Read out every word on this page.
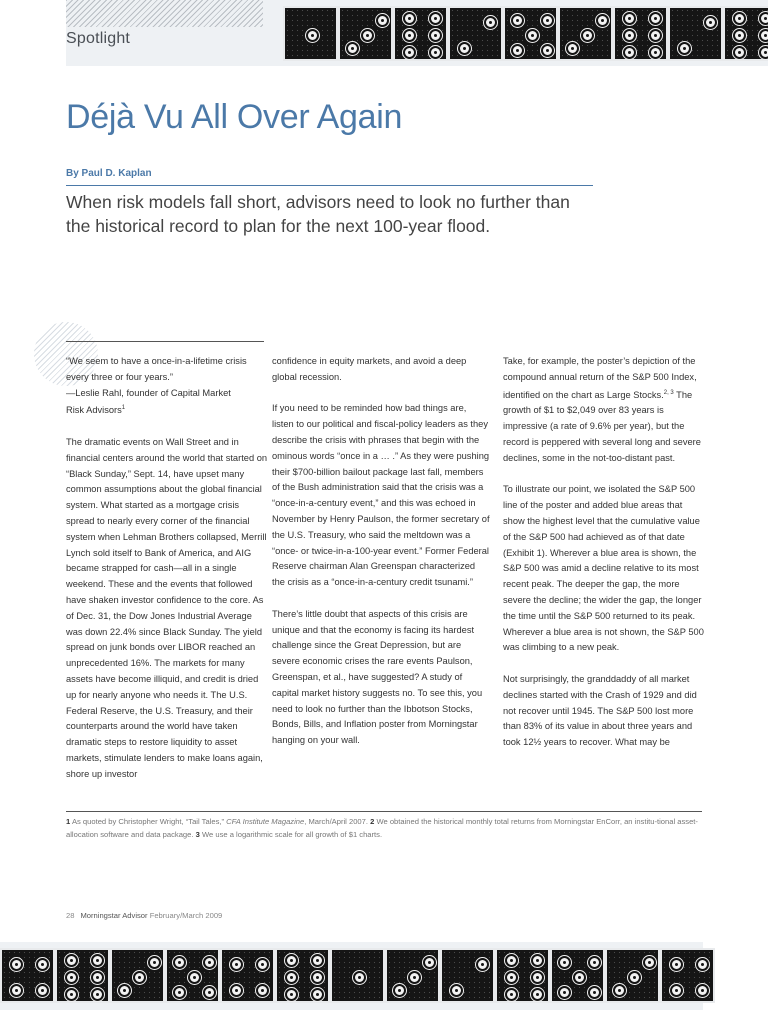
Spotlight
Déjà Vu All Over Again
By Paul D. Kaplan
When risk models fall short, advisors need to look no further than the historical record to plan for the next 100-year flood.

“We seem to have a once-in-a-lifetime crisis every three or four years.”
—Leslie Rahl, founder of Capital Market
Risk Advisors$^1$

The dramatic events on Wall Street and in financial centers around the world that started on “Black Sunday,” Sept. 14, have upset many common assumptions about the global financial system. What started as a mortgage crisis spread to nearly every corner of the financial system when Lehman Brothers collapsed, Merrill Lynch sold itself to Bank of America, and AIG became strapped for cash—all in a single weekend. These and the events that followed have shaken investor confidence to the core. As of Dec. 31, the Dow Jones Industrial Average was down 22.4% since Black Sunday. The yield spread on junk bonds over LIBOR reached an unprecedented 16%. The markets for many assets have become illiquid, and credit is dried up for nearly anyone who needs it. The U.S. Federal Reserve, the U.S. Treasury, and their counterparts around the world have taken dramatic steps to restore liquidity to asset markets, stimulate lenders to make loans again, shore up investor

confidence in equity markets, and avoid a deep global recession.

If you need to be reminded how bad things are, listen to our political and fiscal-policy leaders as they describe the crisis with phrases that begin with the ominous words “once in a … .” As they were pushing their $700-billion bailout package last fall, members of the Bush administration said that the crisis was a “once-in-a-century event,” and this was echoed in November by Henry Paulson, the former secretary of the U.S. Treasury, who said the meltdown was a “once- or twice-in-a-100-year event.” Former Federal Reserve chairman Alan Greenspan characterized the crisis as a “once-in-a-century credit tsunami.”

There’s little doubt that aspects of this crisis are unique and that the economy is facing its hardest challenge since the Great Depression, but are severe economic crises the rare events Paulson, Greenspan, et al., have suggested? A study of capital market history suggests no. To see this, you need to look no further than the Ibbotson Stocks, Bonds, Bills, and Inflation poster from Morningstar hanging on your wall.

Take, for example, the poster’s depiction of the compound annual return of the S&P 500 Index, identified on the chart as Large Stocks.$^{2, 3}$ The growth of $1 to $2,049 over 83 years is impressive (a rate of 9.6% per year), but the record is peppered with several long and severe declines, some in the not-too-distant past.

To illustrate our point, we isolated the S&P 500 line of the poster and added blue areas that show the highest level that the cumulative value of the S&P 500 had achieved as of that date (Exhibit 1). Wherever a blue area is shown, the S&P 500 was amid a decline relative to its most recent peak. The deeper the gap, the more severe the decline; the wider the gap, the longer the time until the S&P 500 returned to its peak. Wherever a blue area is not shown, the S&P 500 was climbing to a new peak.

Not surprisingly, the granddaddy of all market declines started with the Crash of 1929 and did not recover until 1945. The S&P 500 lost more than 83% of its value in about three years and took 12½ years to recover. What may be

1 As quoted by Christopher Wright, “Tail Tales,” CFA Institute Magazine, March/April 2007. 2 We obtained the historical monthly total returns from Morningstar EnCorr, an institu-tional asset-allocation software and data package. 3 We use a logarithmic scale for all growth of $1 charts.
28 Morningstar Advisor February/March 2009
